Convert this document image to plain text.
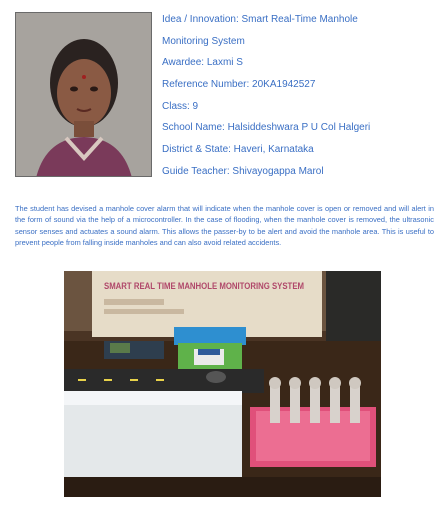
Idea / Innovation: Smart Real-Time Manhole
Monitoring System
Awardee: Laxmi S
Reference Number: 20KA1942527
Class: 9
School Name: Halsiddeshwara P U Col Halgeri
District & State: Haveri, Karnataka
Guide Teacher: Shivayogappa Marol
The student has devised a manhole cover alarm that will indicate when the manhole cover is open or removed and will alert in the form of sound via the help of a microcontroller. In the case of flooding, when the manhole cover is removed, the ultrasonic sensor senses and actuates a sound alarm. This allows the passer-by to be alert and avoid the manhole area. This is useful to prevent people from falling inside manholes and can also avoid related accidents.
SMART REAL TIME MANHOLE MONITORING SYSTEM
